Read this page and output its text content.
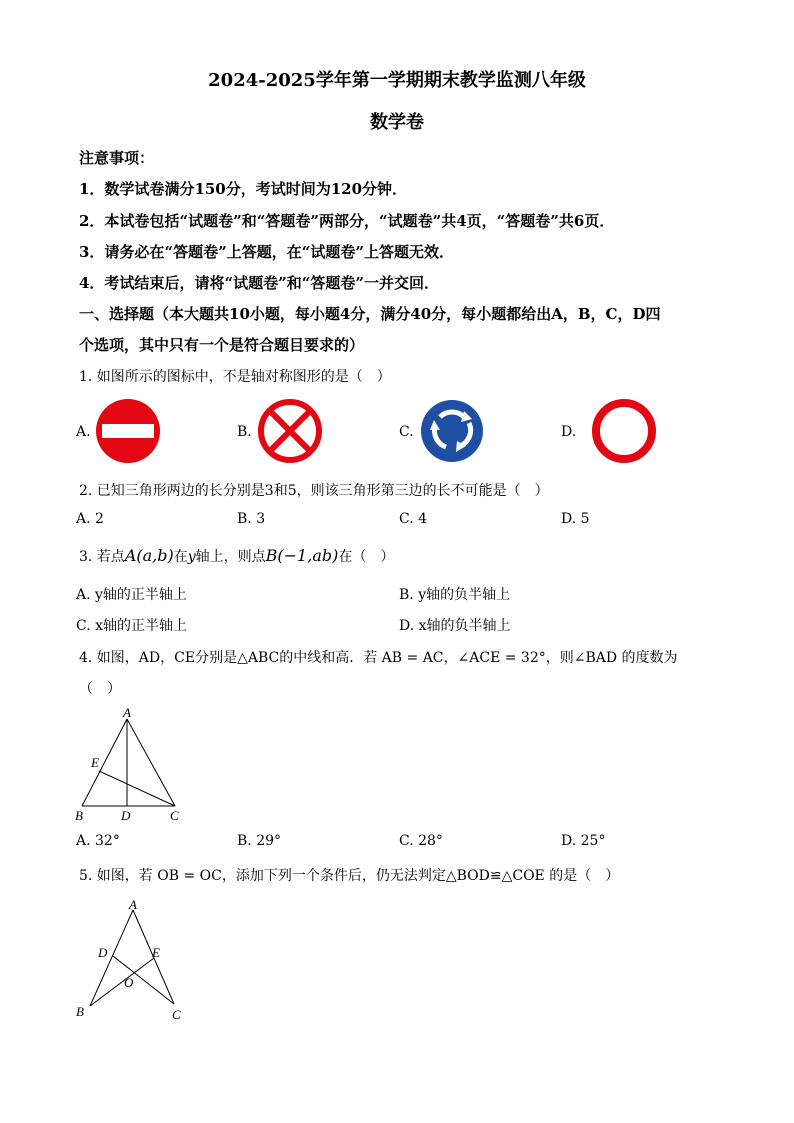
2024-2025学年第一学期期末教学监测八年级
数学卷
注意事项：
1．数学试卷满分150分，考试时间为120分钟．
2．本试卷包括“试题卷”和“答题卷”两部分，“试题卷”共4页，“答题卷”共6页．
3．请务必在“答题卷”上答题，在“试题卷”上答题无效．
4．考试结束后，请将“试题卷”和“答题卷”一并交回．
一、选择题（本大题共10小题，每小题4分，满分40分，每小题都给出A，B，C，D四
个选项，其中只有一个是符合题目要求的）
1. 如图所示的图标中，不是轴对称图形的是（　）
A.	B.	C.	D.
2. 已知三角形两边的长分别是3和5，则该三角形第三边的长不可能是（　）
A. 2	B. 3	C. 4	D. 5
3. 若点A(a,b)在y轴上，则点B(−1,ab)在（　）
A. y轴的正半轴上	B. y轴的负半轴上
C. x轴的正半轴上	D. x轴的负半轴上
4. 如图，AD，CE分别是△ABC的中线和高．若 AB = AC，∠ACE = 32°，则∠BAD 的度数为
（　）
A
E
B	D	C
A. 32°	B. 29°	C. 28°	D. 25°
5. 如图，若 OB = OC，添加下列一个条件后，仍无法判定△BOD≌△COE 的是（　）
A
D	E
O
B	C
